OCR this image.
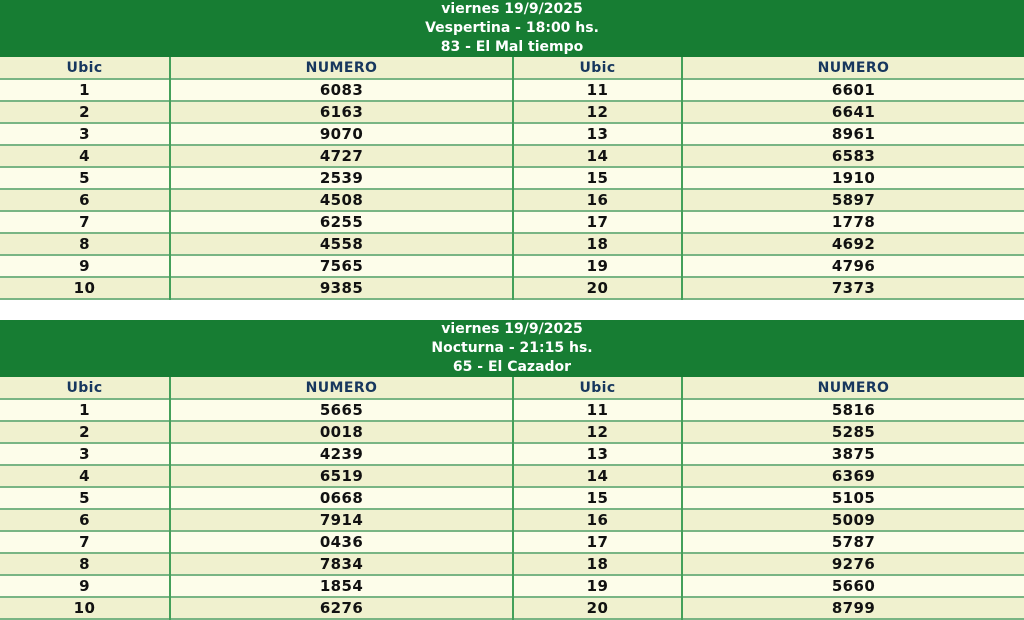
viernes 19/9/2025
Vespertina - 18:00 hs.
83 - El Mal tiempo
Ubic	NUMERO	Ubic	NUMERO
1	6083	11	6601
2	6163	12	6641
3	9070	13	8961
4	4727	14	6583
5	2539	15	1910
6	4508	16	5897
7	6255	17	1778
8	4558	18	4692
9	7565	19	4796
10	9385	20	7373
viernes 19/9/2025
Nocturna - 21:15 hs.
65 - El Cazador
Ubic	NUMERO	Ubic	NUMERO
1	5665	11	5816
2	0018	12	5285
3	4239	13	3875
4	6519	14	6369
5	0668	15	5105
6	7914	16	5009
7	0436	17	5787
8	7834	18	9276
9	1854	19	5660
10	6276	20	8799
